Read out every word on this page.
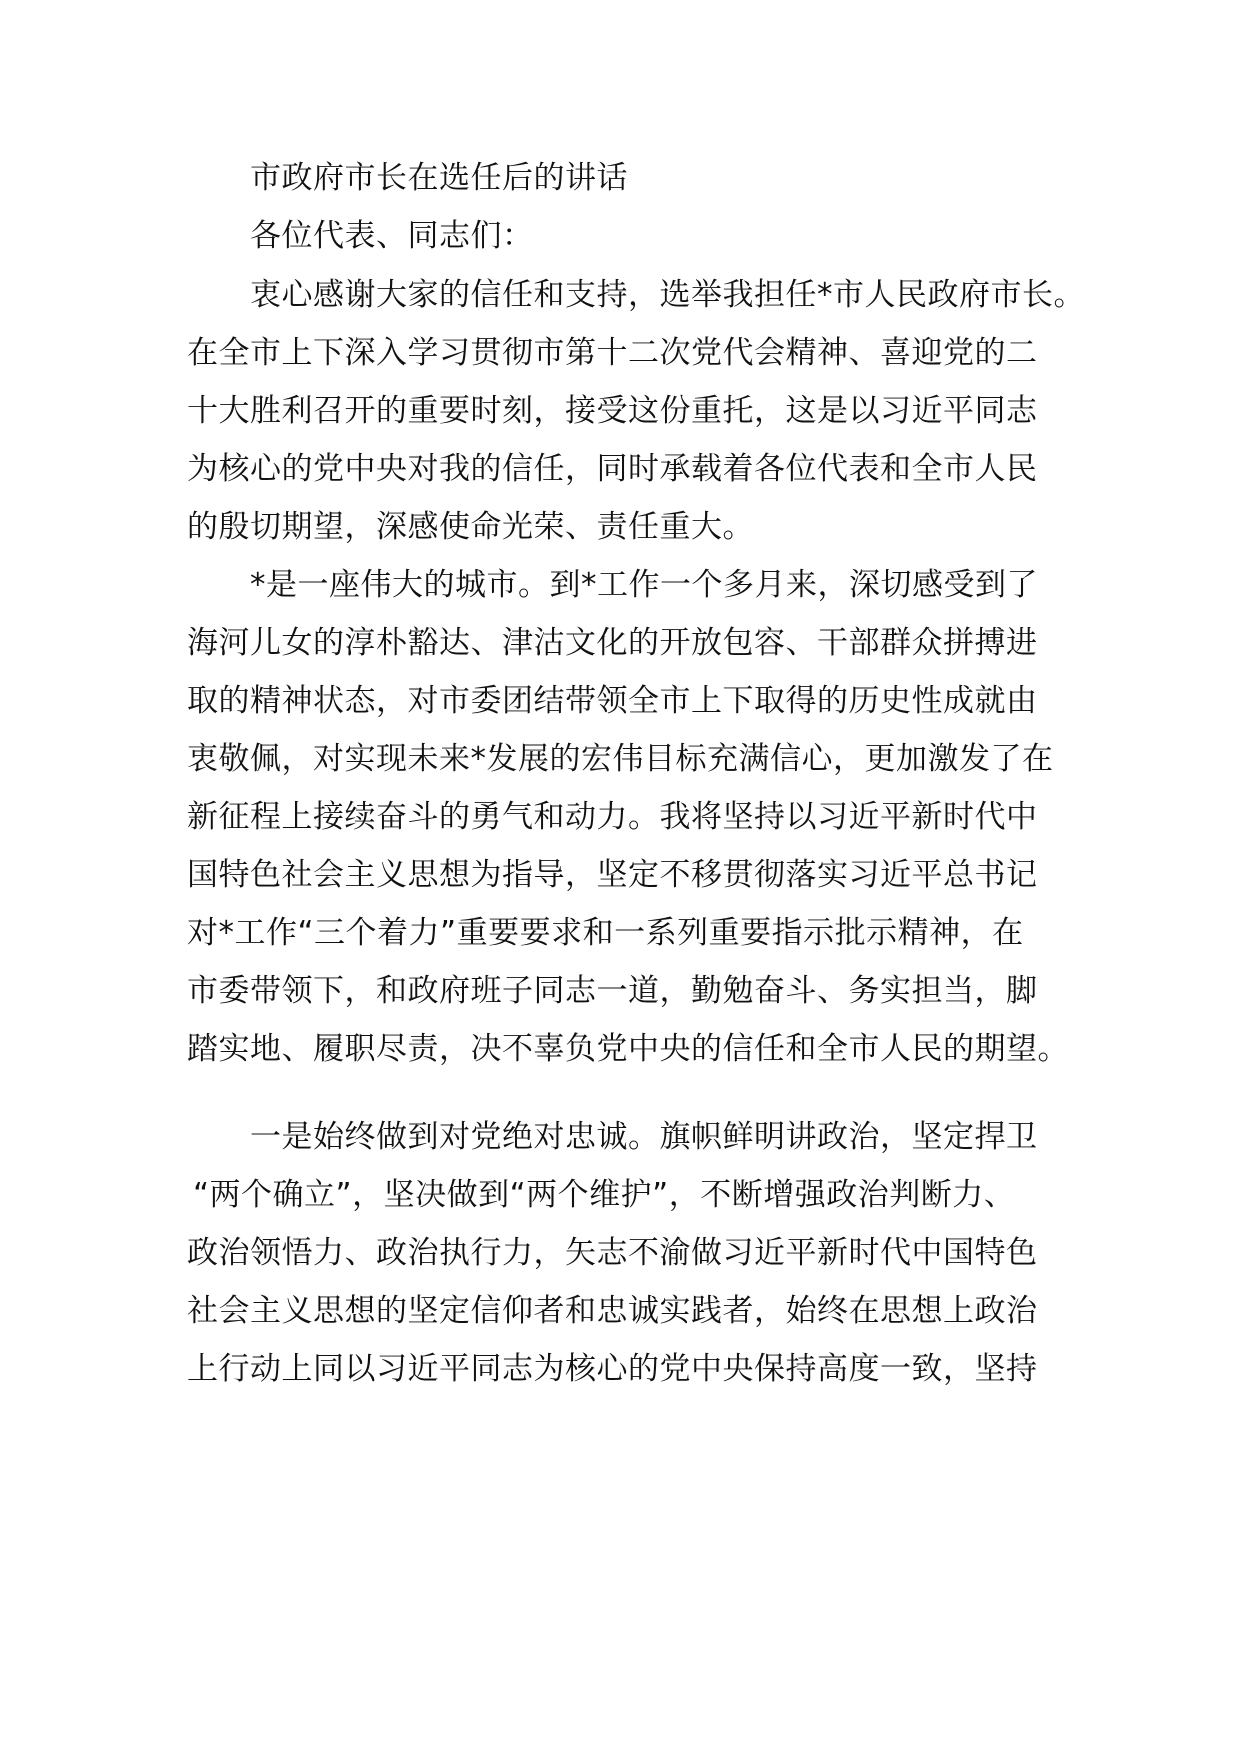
市政府市长在选任后的讲话
各位代表、同志们：
衷心感谢大家的信任和支持，选举我担任*市人民政府市长。
在全市上下深入学习贯彻市第十二次党代会精神、喜迎党的二
十大胜利召开的重要时刻，接受这份重托，这是以习近平同志
为核心的党中央对我的信任，同时承载着各位代表和全市人民
的殷切期望，深感使命光荣、责任重大。
*是一座伟大的城市。到*工作一个多月来，深切感受到了
海河儿女的淳朴豁达、津沽文化的开放包容、干部群众拼搏进
取的精神状态，对市委团结带领全市上下取得的历史性成就由
衷敬佩，对实现未来*发展的宏伟目标充满信心，更加激发了在
新征程上接续奋斗的勇气和动力。我将坚持以习近平新时代中
国特色社会主义思想为指导，坚定不移贯彻落实习近平总书记
对*工作“三个着力”重要要求和一系列重要指示批示精神，在
市委带领下，和政府班子同志一道，勤勉奋斗、务实担当，脚
踏实地、履职尽责，决不辜负党中央的信任和全市人民的期望。
一是始终做到对党绝对忠诚。旗帜鲜明讲政治，坚定捍卫
“两个确立”，坚决做到“两个维护”，不断增强政治判断力、
政治领悟力、政治执行力，矢志不渝做习近平新时代中国特色
社会主义思想的坚定信仰者和忠诚实践者，始终在思想上政治
上行动上同以习近平同志为核心的党中央保持高度一致，坚持
